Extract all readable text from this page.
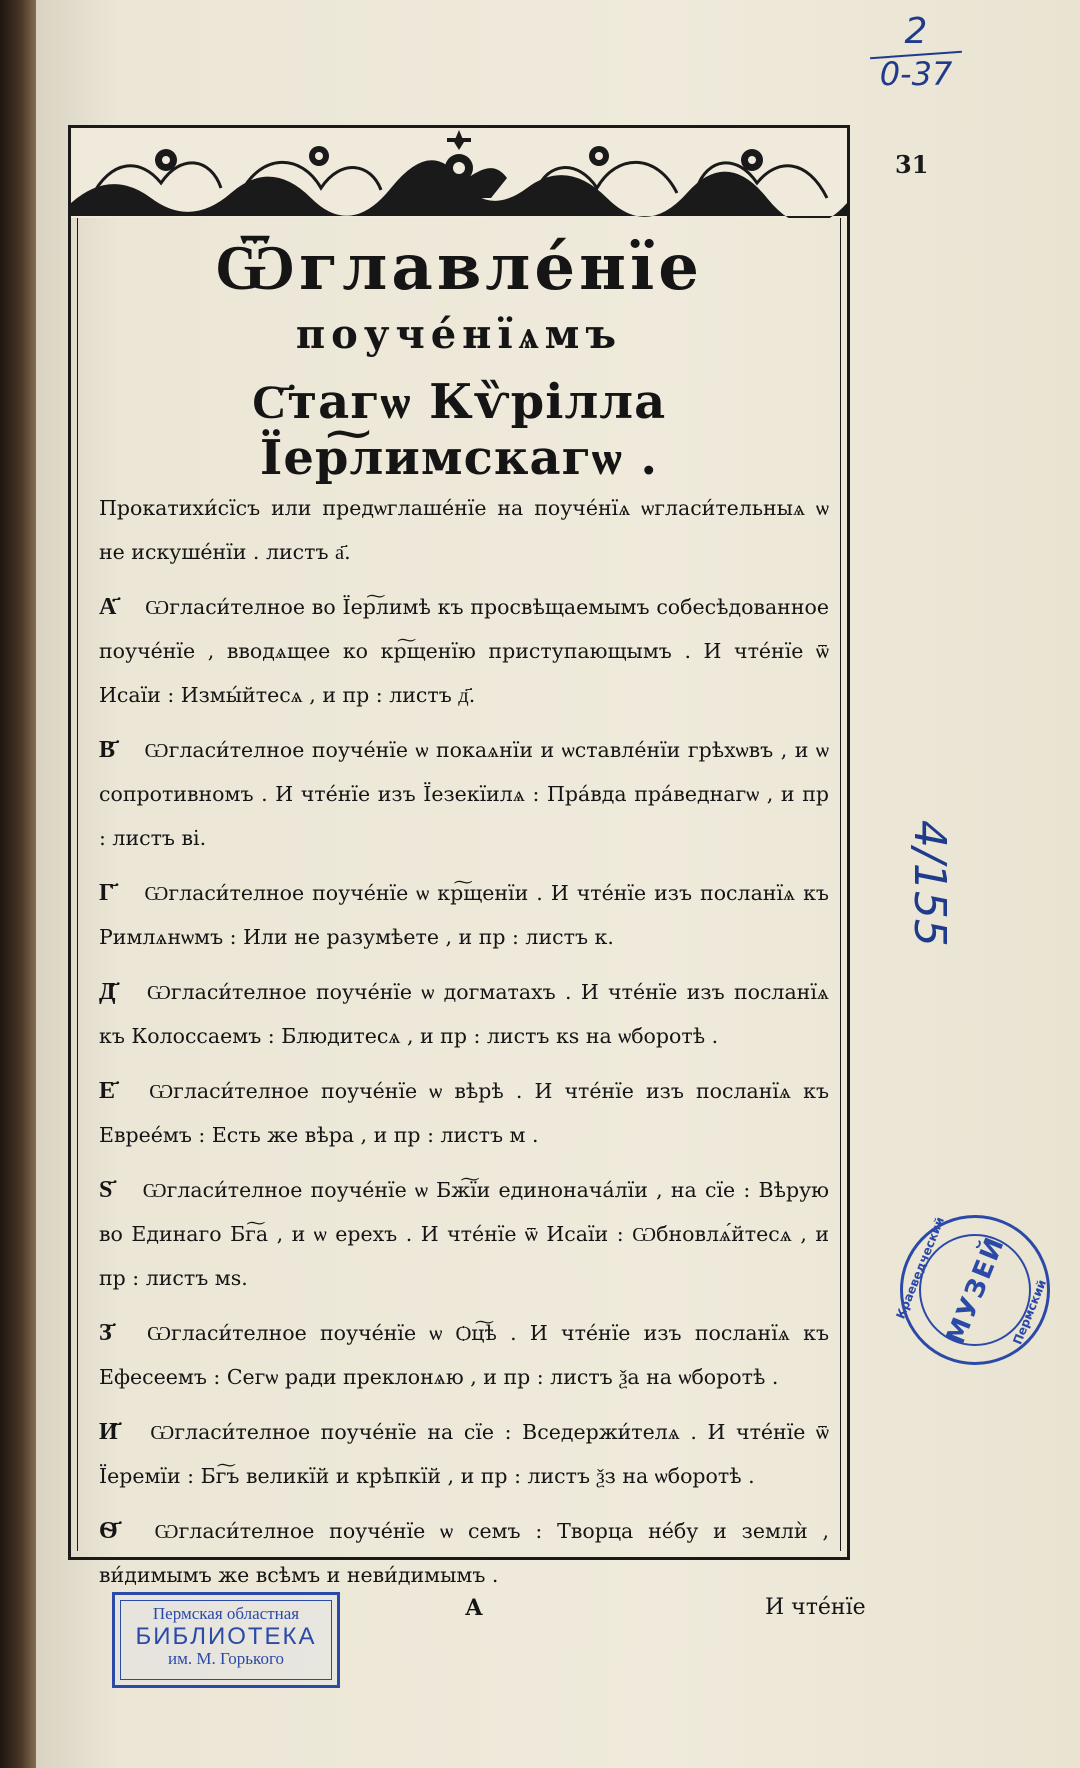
2
0-37
31
Ѿглавле́нїе
поуче́нїѧмъ
С҃тагѡ Кѷрілла Їер͠лимскагѡ .

Прокатихи́сїсъ или предѡглаше́нїе на поуче́нїѧ ѡгласи́тельныѧ ѡ не искуше́нїи . листъ а҃.

А҃ Ѡгласи́телное во Їер͠лимѣ къ просвѣщаемымъ собесѣдованное поуче́нїе , вводѧщее ко кр͠щенїю приступающымъ . И чте́нїе ѿ Исаїи : Измы́йтесѧ , и пр : листъ д҃.

В҃ Ѡгласи́телное поуче́нїе ѡ покаѧнїи и ѡставле́нїи грѣхѡвъ , и ѡ сопротивномъ . И чте́нїе изъ Їезекїилѧ : Пра́вда пра́веднагѡ , и пр : листъ ві.

Г҃ Ѡгласи́телное поуче́нїе ѡ кр͠щенїи . И чте́нїе изъ посланїѧ къ Римлѧнѡмъ : Или не разумѣете , и пр : листъ к.

Д҃ Ѡгласи́телное поуче́нїе ѡ догматахъ . И чте́нїе изъ посланїѧ къ Колоссаемъ : Блюдитесѧ , и пр : листъ кѕ на ѡборотѣ .

Е҃ Ѡгласи́телное поуче́нїе ѡ вѣрѣ . И чте́нїе изъ посланїѧ къ Еврее́мъ : Есть же вѣра , и пр : листъ м .

Ѕ҃ Ѡгласи́телное поуче́нїе ѡ Бж͠їи единонача́лїи , на сїе : Вѣрую во Единаго Бг͠а , и ѡ ерехъ . И чте́нїе ѿ Исаїи : Ѡбновлѧ́йтесѧ , и пр : листъ мѕ.

З҃ Ѡгласи́телное поуче́нїе ѡ Ѻц͠ѣ . И чте́нїе изъ посланїѧ къ Ефесеемъ : Сегѡ ради преклонѧю , и пр : листъ ѯа на ѡборотѣ .

И҃ Ѡгласи́телное поуче́нїе на сїе : Вседержи́телѧ . И чте́нїе ѿ Їеремїи : Бг͠ъ великїй и крѣпкїй , и пр : листъ ѯз на ѡборотѣ .

Ѳ҃ Ѡгласи́телное поуче́нїе ѡ семъ : Творца не́бу и землѝ , ви́димымъ же всѣмъ и неви́димымъ .

А	И чте́нїе
4/155
Краеведческий
МУЗЕЙ Пермский
Пермская областная
БИБЛИОТЕКА
им. М. Горького
